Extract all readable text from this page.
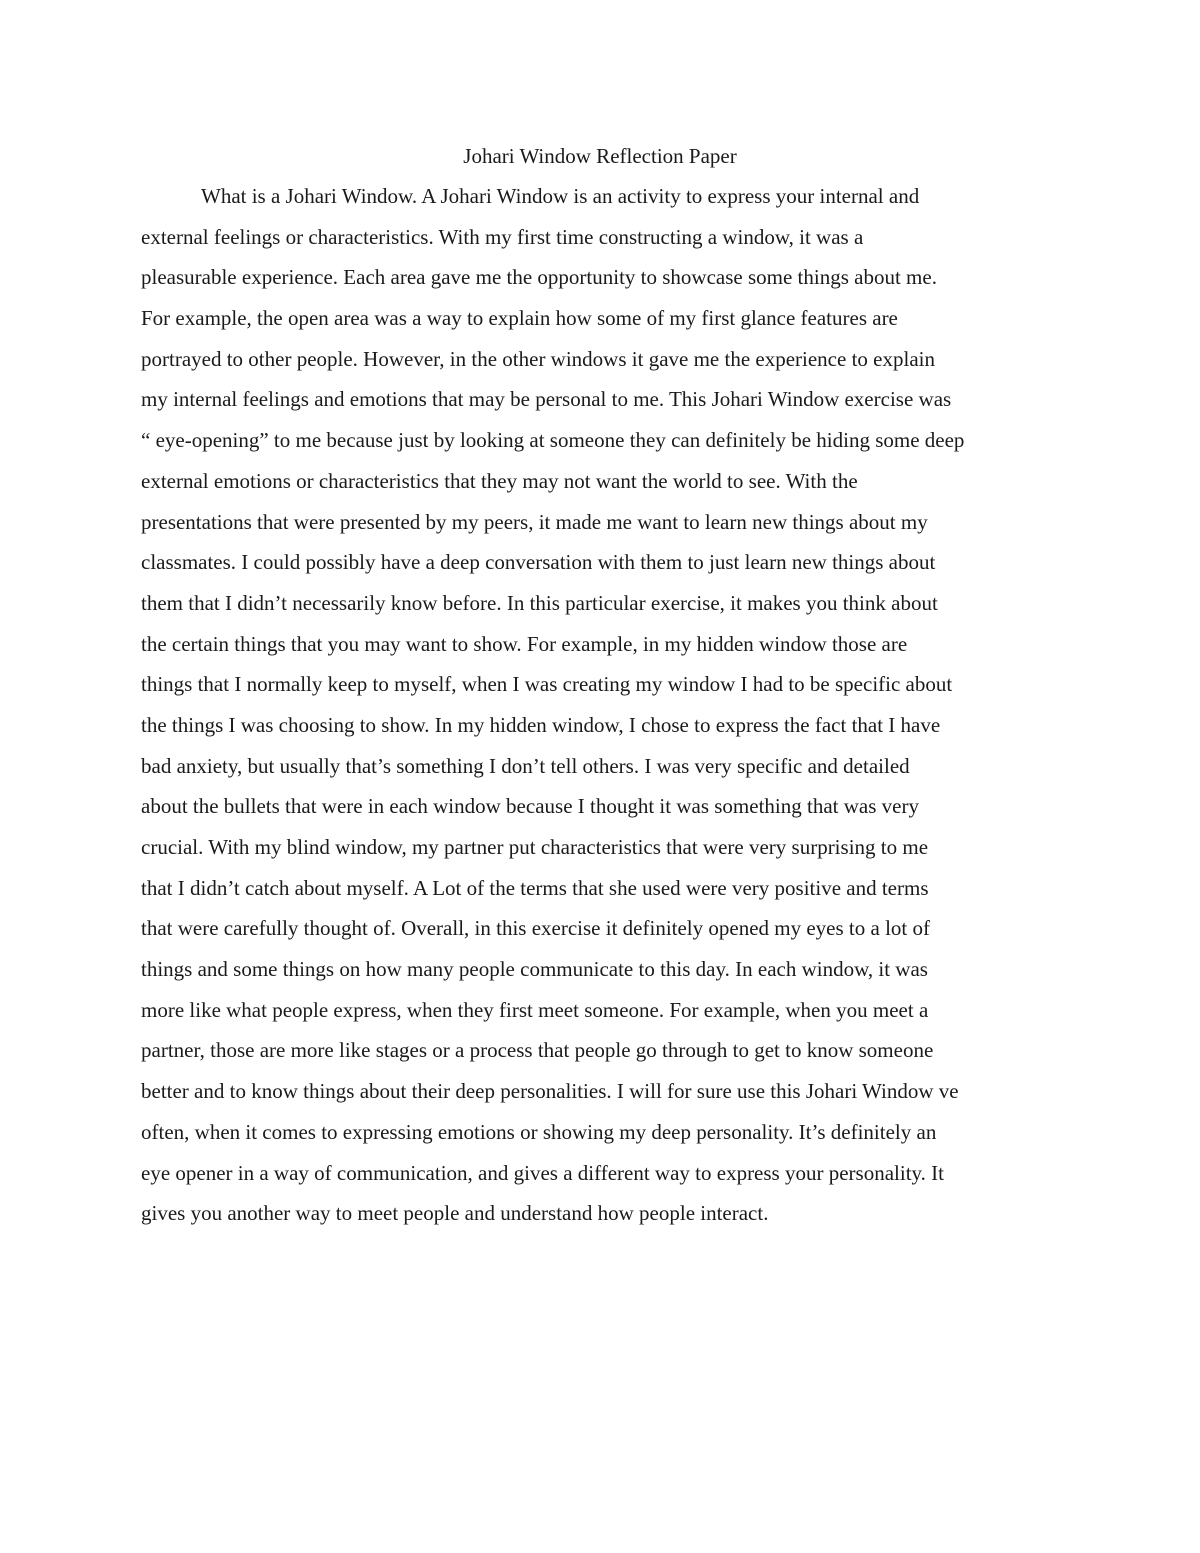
Johari Window Reflection Paper
What is a Johari Window. A Johari Window is an activity to express your internal and
external feelings or characteristics. With my first time constructing a window, it was a
pleasurable experience. Each area gave me the opportunity to showcase some things about me.
For example, the open area was a way to explain how some of my first glance features are
portrayed to other people. However, in the other windows it gave me the experience to explain
my internal feelings and emotions that may be personal to me. This Johari Window exercise was
“ eye-opening” to me because just by looking at someone they can definitely be hiding some deep
external emotions or characteristics that they may not want the world to see. With the
presentations that were presented by my peers, it made me want to learn new things about my
classmates. I could possibly have a deep conversation with them to just learn new things about
them that I didn’t necessarily know before. In this particular exercise, it makes you think about
the certain things that you may want to show. For example, in my hidden window those are
things that I normally keep to myself, when I was creating my window I had to be specific about
the things I was choosing to show. In my hidden window, I chose to express the fact that I have
bad anxiety, but usually that’s something I don’t tell others. I was very specific and detailed
about the bullets that were in each window because I thought it was something that was very
crucial. With my blind window, my partner put characteristics that were very surprising to me
that I didn’t catch about myself. A Lot of the terms that she used were very positive and terms
that were carefully thought of. Overall, in this exercise it definitely opened my eyes to a lot of
things and some things on how many people communicate to this day. In each window, it was
more like what people express, when they first meet someone. For example, when you meet a
partner, those are more like stages or a process that people go through to get to know someone
better and to know things about their deep personalities. I will for sure use this Johari Window ve
often, when it comes to expressing emotions or showing my deep personality. It’s definitely an
eye opener in a way of communication, and gives a different way to express your personality. It
gives you another way to meet people and understand how people interact.
